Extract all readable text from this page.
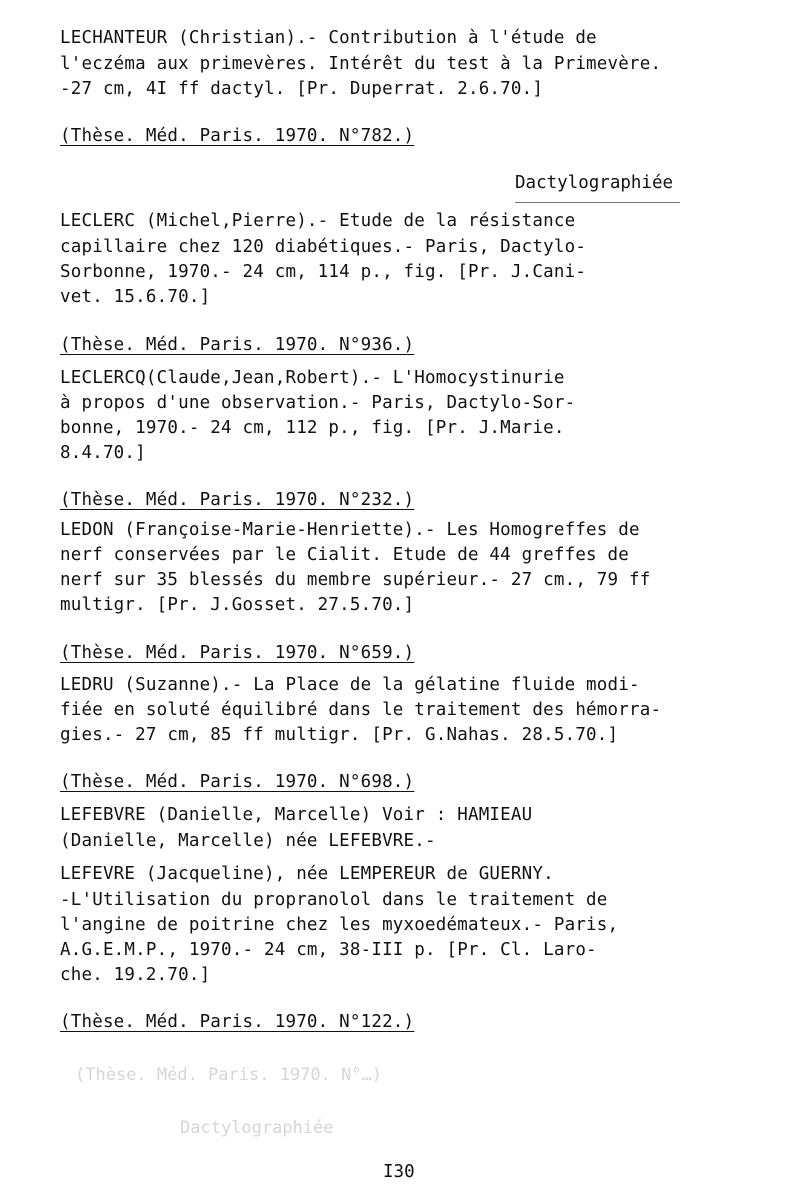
(Thèse. Méd. Paris. 1970. N°…)
Dactylographiée
LECHANTEUR (Christian).- Contribution à l'étude de
l'eczéma aux primevères. Intérêt du test à la Primevère.
-27 cm, 4I ff dactyl. [Pr. Duperrat. 2.6.70.]
(Thèse. Méd. Paris. 1970. N°782.)
Dactylographiée
LECLERC (Michel,Pierre).- Etude de la résistance
capillaire chez 120 diabétiques.- Paris, Dactylo-
Sorbonne, 1970.- 24 cm, 114 p., fig. [Pr. J.Cani-
vet. 15.6.70.]
(Thèse. Méd. Paris. 1970. N°936.)
LECLERCQ(Claude,Jean,Robert).- L'Homocystinurie
à propos d'une observation.- Paris, Dactylo-Sor-
bonne, 1970.- 24 cm, 112 p., fig. [Pr. J.Marie.
8.4.70.]
(Thèse. Méd. Paris. 1970. N°232.)
LEDON (Françoise-Marie-Henriette).- Les Homogreffes de
nerf conservées par le Cialit. Etude de 44 greffes de
nerf sur 35 blessés du membre supérieur.- 27 cm., 79 ff
multigr. [Pr. J.Gosset. 27.5.70.]
(Thèse. Méd. Paris. 1970. N°659.)
LEDRU (Suzanne).- La Place de la gélatine fluide modi-
fiée en soluté équilibré dans le traitement des hémorra-
gies.- 27 cm, 85 ff multigr. [Pr. G.Nahas. 28.5.70.]
(Thèse. Méd. Paris. 1970. N°698.)
LEFEBVRE (Danielle, Marcelle) Voir : HAMIEAU
(Danielle, Marcelle) née LEFEBVRE.-
LEFEVRE (Jacqueline), née LEMPEREUR de GUERNY.
-L'Utilisation du propranolol dans le traitement de
l'angine de poitrine chez les myxoedémateux.- Paris,
A.G.E.M.P., 1970.- 24 cm, 38-III p. [Pr. Cl. Laro-
che. 19.2.70.]
(Thèse. Méd. Paris. 1970. N°122.)
I30
